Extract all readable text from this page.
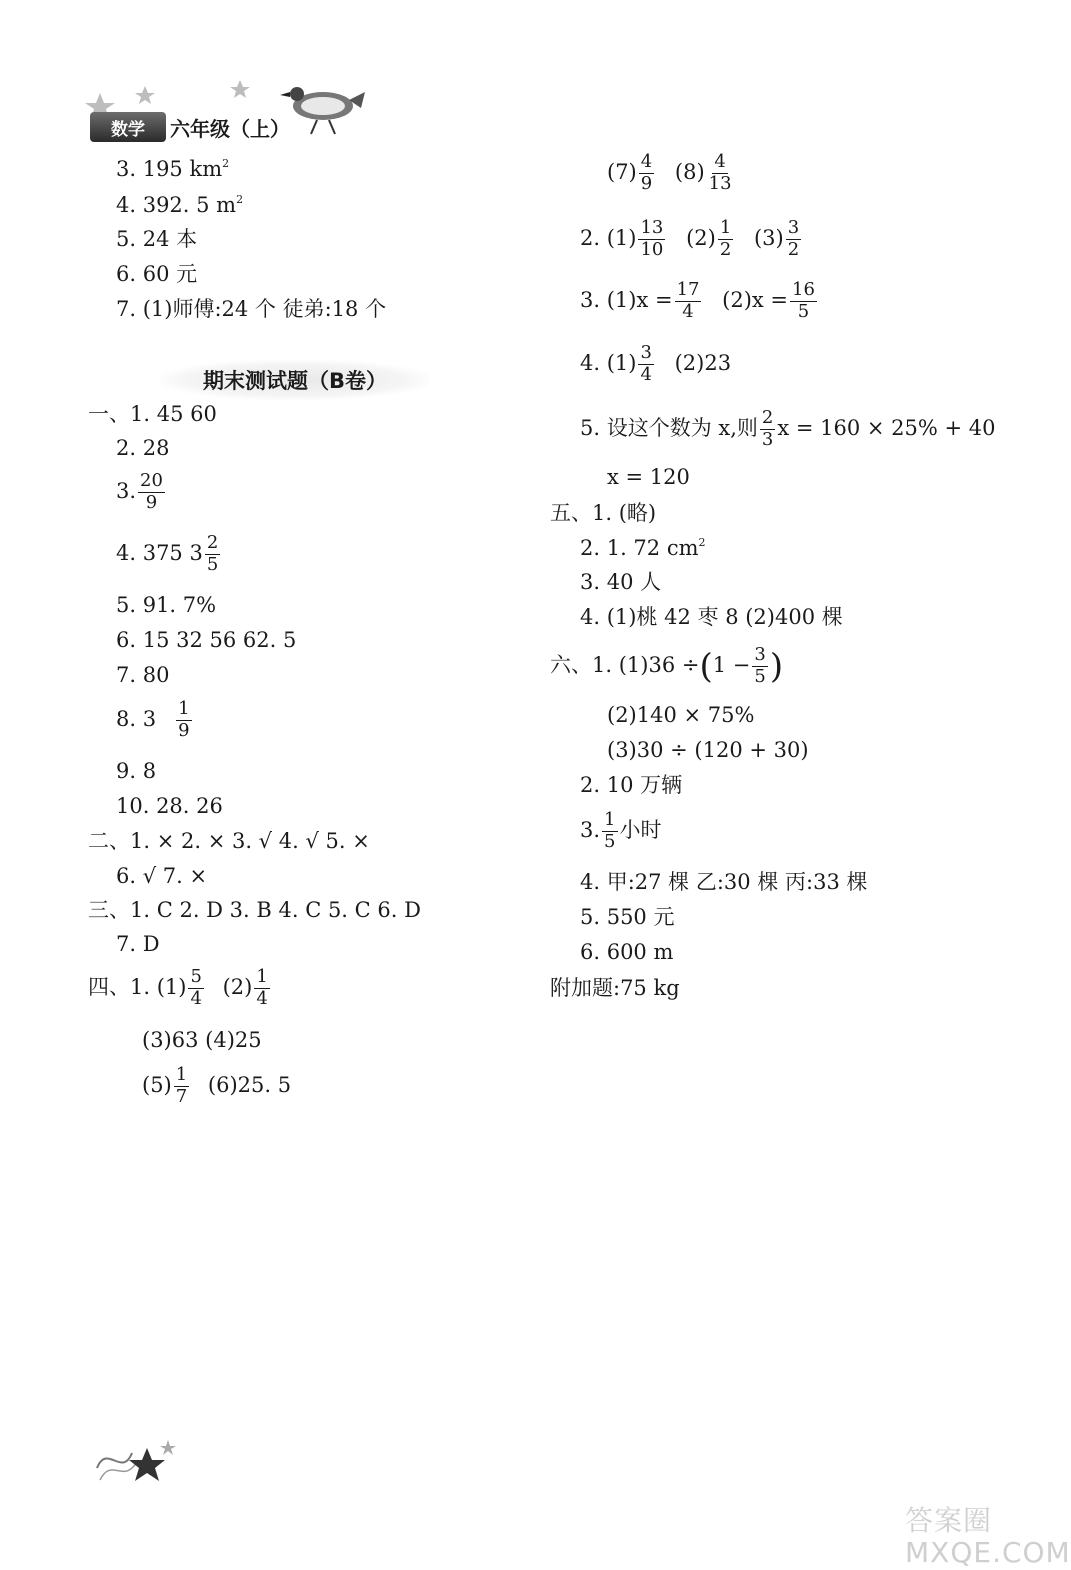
数学	六年级（上）
3. 195 $km^2$
4. 392. 5 $m^2$
5. 24 本
6. 60 元
7. (1)师傅:24 个 徒弟:18 个
期末测试题（B卷）
一、1. 45 60
2. 28
3. $\frac{20}{9}$
4. 375 $3 \frac{2}{5}$
5. 91. 7%
6. 15 32 56 62. 5
7. 80
8. $3 \frac{1}{9}$
9. 8
10. 28. 26
二、1. × 2. × 3. √ 4. √ 5. ×
6. √ 7. ×
三、1. C 2. D 3. B 4. C 5. C 6. D
7. D
四、1. $(1) \frac{5}{4} (2) \frac{1}{4}$
(3)63 (4)25
$(5) \frac{1}{7} (6)25$. 5
$(7) \frac{4}{9} (8) \frac{4}{13}$
2. $(1) \frac{13}{10} (2) \frac{1}{2} (3) \frac{3}{2}$
3. $(1)x = \frac{17}{4} (2)x = \frac{16}{5}$
4. $(1) \frac{3}{4} (2)23$
5. 设这个数为 x,则 $\frac{2}{3}$ x = 160 × 25% + 40
x = 120
五、1. (略)
2. 1. 72 $cm^2$
3. 40 人
4. (1)桃 42 枣 8 (2)400 棵
六、1. $(1)36 \div(1 - \frac{3}{5}$ )
(2)140 × 75%
(3)30 ÷ (120 + 30)
2. 10 万辆
3. $\frac{1}{5}$ 小时
4. 甲:27 棵 乙:30 棵 丙:33 棵
5. 550 元
6. 600 m
附加题:75 kg
答案圈
MXQE.COM
